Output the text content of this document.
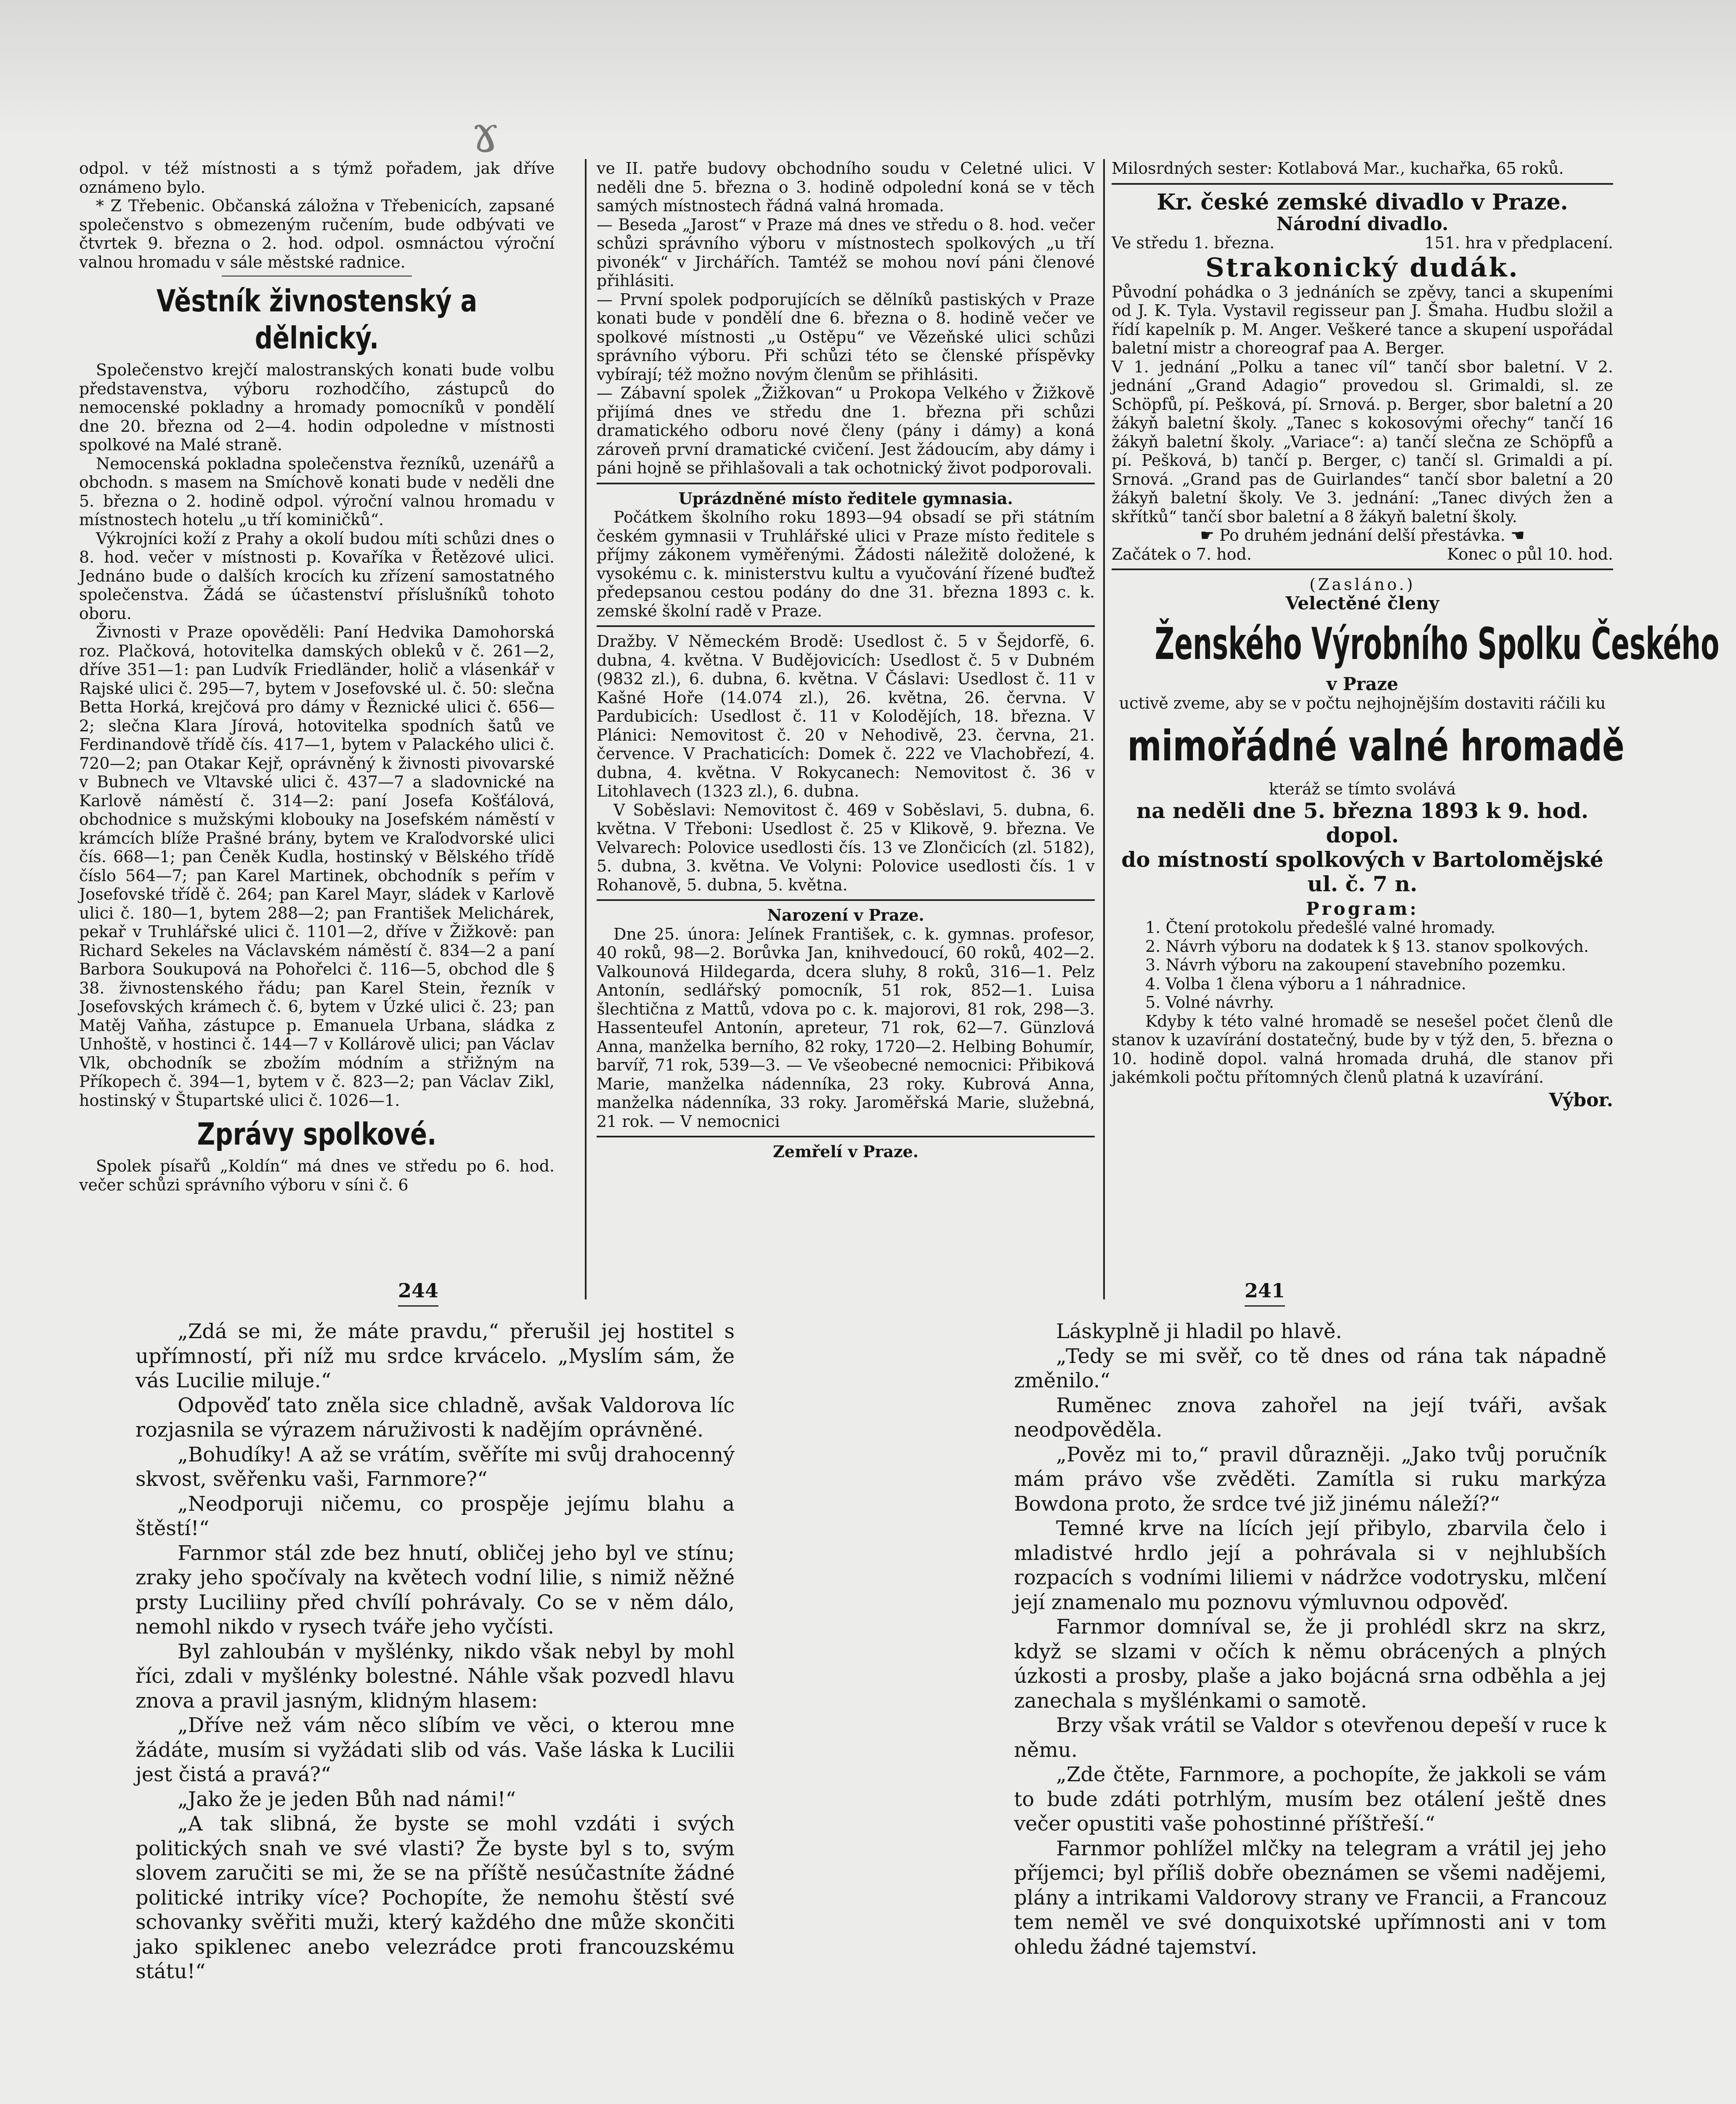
ɤ

odpol. v též místnosti a s týmž pořadem, jak dříve oznámeno bylo.

* Z Třebenic. Občanská záložna v Třebenicích, zapsané společenstvo s obmezeným ručením, bude odbývati ve čtvrtek 9. března o 2. hod. odpol. osmnáctou výroční valnou hromadu v sále městské radnice.

Věstník živnostenský a dělnický.

Společenstvo krejčí malostranských konati bude volbu představenstva, výboru rozhodčího, zástupců do nemocenské pokladny a hromady pomocníků v pondělí dne 20. března od 2—4. hodin odpoledne v místnosti spolkové na Malé straně.

Nemocenská pokladna společenstva řezníků, uzenářů a obchodn. s masem na Smíchově konati bude v neděli dne 5. března o 2. hodině odpol. výroční valnou hromadu v místnostech hotelu „u tří kominičků“.

Výkrojníci koží z Prahy a okolí budou míti schůzi dnes o 8. hod. večer v místnosti p. Kovaříka v Řetězové ulici. Jednáno bude o dalších krocích ku zřízení samostatného společenstva. Žádá se účastenství příslušníků tohoto oboru.

Živnosti v Praze opověděli: Paní Hedvika Damohorská roz. Plačková, hotovitelka damských obleků v č. 261—2, dříve 351—1: pan Ludvík Friedländer, holič a vlásenkář v Rajské ulici č. 295—7, bytem v Josefovské ul. č. 50: slečna Betta Horká, krejčová pro dámy v Řeznické ulici č. 656—2; slečna Klara Jírová, hotovitelka spodních šatů ve Ferdinandově třídě čís. 417—1, bytem v Palackého ulici č. 720—2; pan Otakar Kejř, oprávněný k živnosti pivovarské v Bubnech ve Vltavské ulici č. 437—7 a sladovnické na Karlově náměstí č. 314—2: paní Josefa Košťálová, obchodnice s mužskými klobouky na Josefském náměstí v krámcích blíže Prašné brány, bytem ve Kraľodvorské ulici čís. 668—1; pan Čeněk Kudla, hostinský v Bělského třídě číslo 564—7; pan Karel Martinek, obchodník s peřím v Josefovské třídě č. 264; pan Karel Mayr, sládek v Karlově ulici č. 180—1, bytem 288—2; pan František Melichárek, pekař v Truhlářské ulici č. 1101—2, dříve v Žižkově: pan Richard Sekeles na Václavském náměstí č. 834—2 a paní Barbora Soukupová na Pohořelci č. 116—5, obchod dle § 38. živnostenského řádu; pan Karel Stein, řezník v Josefovských krámech č. 6, bytem v Úzké ulici č. 23; pan Matěj Vaňha, zástupce p. Emanuela Urbana, sládka z Unhoště, v hostinci č. 144—7 v Kollárově ulici; pan Václav Vlk, obchodník se zbožím módním a střižným na Příkopech č. 394—1, bytem v č. 823—2; pan Václav Zikl, hostinský v Štupartské ulici č. 1026—1.

Zprávy spolkové.

Spolek písařů „Koldín“ má dnes ve středu po 6. hod. večer schůzi správního výboru v síni č. 6

ve II. patře budovy obchodního soudu v Celetné ulici. V neděli dne 5. března o 3. hodině odpolední koná se v těch samých místnostech řádná valná hromada.

— Beseda „Jarost“ v Praze má dnes ve středu o 8. hod. večer schůzi správního výboru v místnostech spolkových „u tří pivonék“ v Jirchářích. Tamtéž se mohou noví páni členové přihlásiti.

— První spolek podporujících se dělníků pastiských v Praze konati bude v pondělí dne 6. března o 8. hodině večer ve spolkové místnosti „u Ostěpu“ ve Vězeňské ulici schůzi správního výboru. Při schůzi této se členské příspěvky vybírají; též možno novým členům se přihlásiti.

— Zábavní spolek „Žižkovan“ u Prokopa Velkého v Žižkově přijímá dnes ve středu dne 1. března při schůzi dramatického odboru nové členy (pány i dámy) a koná zároveň první dramatické cvičení. Jest žádoucím, aby dámy i páni hojně se přihlašovali a tak ochotnický život podporovali.

Uprázdněné místo ředitele gymnasia.

Počátkem školního roku 1893—94 obsadí se při státním českém gymnasii v Truhlářské ulici v Praze místo ředitele s příjmy zákonem vyměřenými. Žádosti náležitě doložené, k vysokému c. k. ministerstvu kultu a vyučování řízené buďtež předepsanou cestou podány do dne 31. března 1893 c. k. zemské školní radě v Praze.

Dražby. V Německém Brodě: Usedlost č. 5 v Šejdorfě, 6. dubna, 4. května. V Budějovicích: Usedlost č. 5 v Dubném (9832 zl.), 6. dubna, 6. května. V Čáslavi: Usedlost č. 11 v Kašné Hoře (14.074 zl.), 26. května, 26. června. V Pardubicích: Usedlost č. 11 v Kolodějích, 18. března. V Plánici: Nemovitost č. 20 v Nehodivě, 23. června, 21. července. V Prachaticích: Domek č. 222 ve Vlachobřezí, 4. dubna, 4. května. V Rokycanech: Nemovitost č. 36 v Litohlavech (1323 zl.), 6. dubna.

V Soběslavi: Nemovitost č. 469 v Soběslavi, 5. dubna, 6. května. V Třeboni: Usedlost č. 25 v Klikově, 9. března. Ve Velvarech: Polovice usedlosti čís. 13 ve Zlončicích (zl. 5182), 5. dubna, 3. května. Ve Volyni: Polovice usedlosti čís. 1 v Rohanově, 5. dubna, 5. května.

Narození v Praze.

Dne 25. února: Jelínek František, c. k. gymnas. profesor, 40 roků, 98—2. Borůvka Jan, knihvedoucí, 60 roků, 402—2. Valkounová Hildegarda, dcera sluhy, 8 roků, 316—1. Pelz Antonín, sedlářský pomocník, 51 rok, 852—1. Luisa šlechtična z Mattů, vdova po c. k. majorovi, 81 rok, 298—3. Hassenteufel Antonín, apreteur, 71 rok, 62—7. Günzlová Anna, manželka berního, 82 roky, 1720—2. Helbing Bohumír, barvíř, 71 rok, 539—3. — Ve všeobecné nemocnici: Přibiková Marie, manželka nádenníka, 23 roky. Kubrová Anna, manželka nádenníka, 33 roky. Jaroměřská Marie, služebná, 21 rok. — V nemocnici

Zemřelí v Praze.

Milosrdných sester: Kotlabová Mar., kuchařka, 65 roků.

Kr. české zemské divadlo v Praze.

Národní divadlo.

Ve středu 1. března.	151. hra v předplacení.

Strakonický dudák.

Původní pohádka o 3 jednáních se zpěvy, tanci a skupeními od J. K. Tyla. Vystavil regisseur pan J. Šmaha. Hudbu složil a řídí kapelník p. M. Anger. Veškeré tance a skupení uspořádal baletní mistr a choreograf paa A. Berger.

V 1. jednání „Polku a tanec víl“ tančí sbor baletní. V 2. jednání „Grand Adagio“ provedou sl. Grimaldi, sl. ze Schöpfů, pí. Pešková, pí. Srnová. p. Berger, sbor baletní a 20 žákyň baletní školy. „Tanec s kokosovými ořechy“ tančí 16 žákyň baletní školy. „Variace“: a) tančí slečna ze Schöpfů a pí. Pešková, b) tančí p. Berger, c) tančí sl. Grimaldi a pí. Srnová. „Grand pas de Guirlandes“ tančí sbor baletní a 20 žákyň baletní školy. Ve 3. jednání: „Tanec divých žen a skřítků“ tančí sbor baletní a 8 žákyň baletní školy.

☛ Po druhém jednání delší přestávka. ☚

Začátek o 7. hod.	Konec o půl 10. hod.

(Zasláno.)

Velectěné členy

Ženského Výrobního Spolku Českého

v Praze

uctivě zveme, aby se v počtu nejhojnějším dostaviti ráčili ku

mimořádné valné hromadě

kteráž se tímto svolává

na neděli dne 5. března 1893 k 9. hod. dopol.

do místností spolkových v Bartolomějské ul. č. 7 n.

Program:

1. Čtení protokolu předešlé valné hromady.

2. Návrh výboru na dodatek k § 13. stanov spolkových.

3. Návrh výboru na zakoupení stavebního pozemku.

4. Volba 1 člena výboru a 1 náhradnice.

5. Volné návrhy.

Kdyby k této valné hromadě se nesešel počet členů dle stanov k uzavírání dostatečný, bude by v týž den, 5. března o 10. hodině dopol. valná hromada druhá, dle stanov při jakémkoli počtu přítomných členů platná k uzavírání.

Výbor.

244	241

„Zdá se mi, že máte pravdu,“ přerušil jej hostitel s upřímností, při níž mu srdce krvácelo. „Myslím sám, že vás Lucilie miluje.“

Odpověď tato zněla sice chladně, avšak Valdorova líc rozjasnila se výrazem náruživosti k nadějím oprávněné.

„Bohudíky! A až se vrátím, svěříte mi svůj drahocenný skvost, svěřenku vaši, Farnmore?“

„Neodporuji ničemu, co prospěje jejímu blahu a štěstí!“

Farnmor stál zde bez hnutí, obličej jeho byl ve stínu; zraky jeho spočívaly na květech vodní lilie, s nimiž něžné prsty Luciliiny před chvílí pohrávaly. Co se v něm dálo, nemohl nikdo v rysech tváře jeho vyčísti.

Byl zahloubán v myšlénky, nikdo však nebyl by mohl říci, zdali v myšlénky bolestné. Náhle však pozvedl hlavu znova a pravil jasným, klidným hlasem:

„Dříve než vám něco slíbím ve věci, o kterou mne žádáte, musím si vyžádati slib od vás. Vaše láska k Lucilii jest čistá a pravá?“

„Jako že je jeden Bůh nad námi!“

„A tak slibná, že byste se mohl vzdáti i svých politických snah ve své vlasti? Že byste byl s to, svým slovem zaručiti se mi, že se na příště nesúčastníte žádné politické intriky více? Pochopíte, že nemohu štěstí své schovanky svěřiti muži, který každého dne může skončiti jako spiklenec anebo velezrádce proti francouzskému státu!“

Láskyplně ji hladil po hlavě.

„Tedy se mi svěř, co tě dnes od rána tak nápadně změnilo.“

Rumĕnec znova zahořel na její tváři, avšak neodpověděla.

„Pověz mi to,“ pravil důrazněji. „Jako tvůj poručník mám právo vše zvěděti. Zamítla si ruku markýza Bowdona proto, že srdce tvé již jinému náleží?“

Temné krve na lících její přibylo, zbarvila čelo i mladistvé hrdlo její a pohrávala si v nejhlubších rozpacích s vodními liliemi v nádržce vodotrysku, mlčení její znamenalo mu poznovu výmluvnou odpověď.

Farnmor domníval se, že ji prohlédl skrz na skrz, když se slzami v očích k němu obrácených a plných úzkosti a prosby, plaše a jako bojácná srna odběhla a jej zanechala s myšlénkami o samotě.

Brzy však vrátil se Valdor s otevřenou depeší v ruce k němu.

„Zde čtěte, Farnmore, a pochopíte, že jakkoli se vám to bude zdáti potrhlým, musím bez otálení ještě dnes večer opustiti vaše pohostinné příštřeší.“

Farnmor pohlížel mlčky na telegram a vrátil jej jeho příjemci; byl příliš dobře obeznámen se všemi nadějemi, plány a intrikami Valdorovy strany ve Francii, a Francouz tem neměl ve své donquixotské upřímnosti ani v tom ohledu žádné tajemství.
